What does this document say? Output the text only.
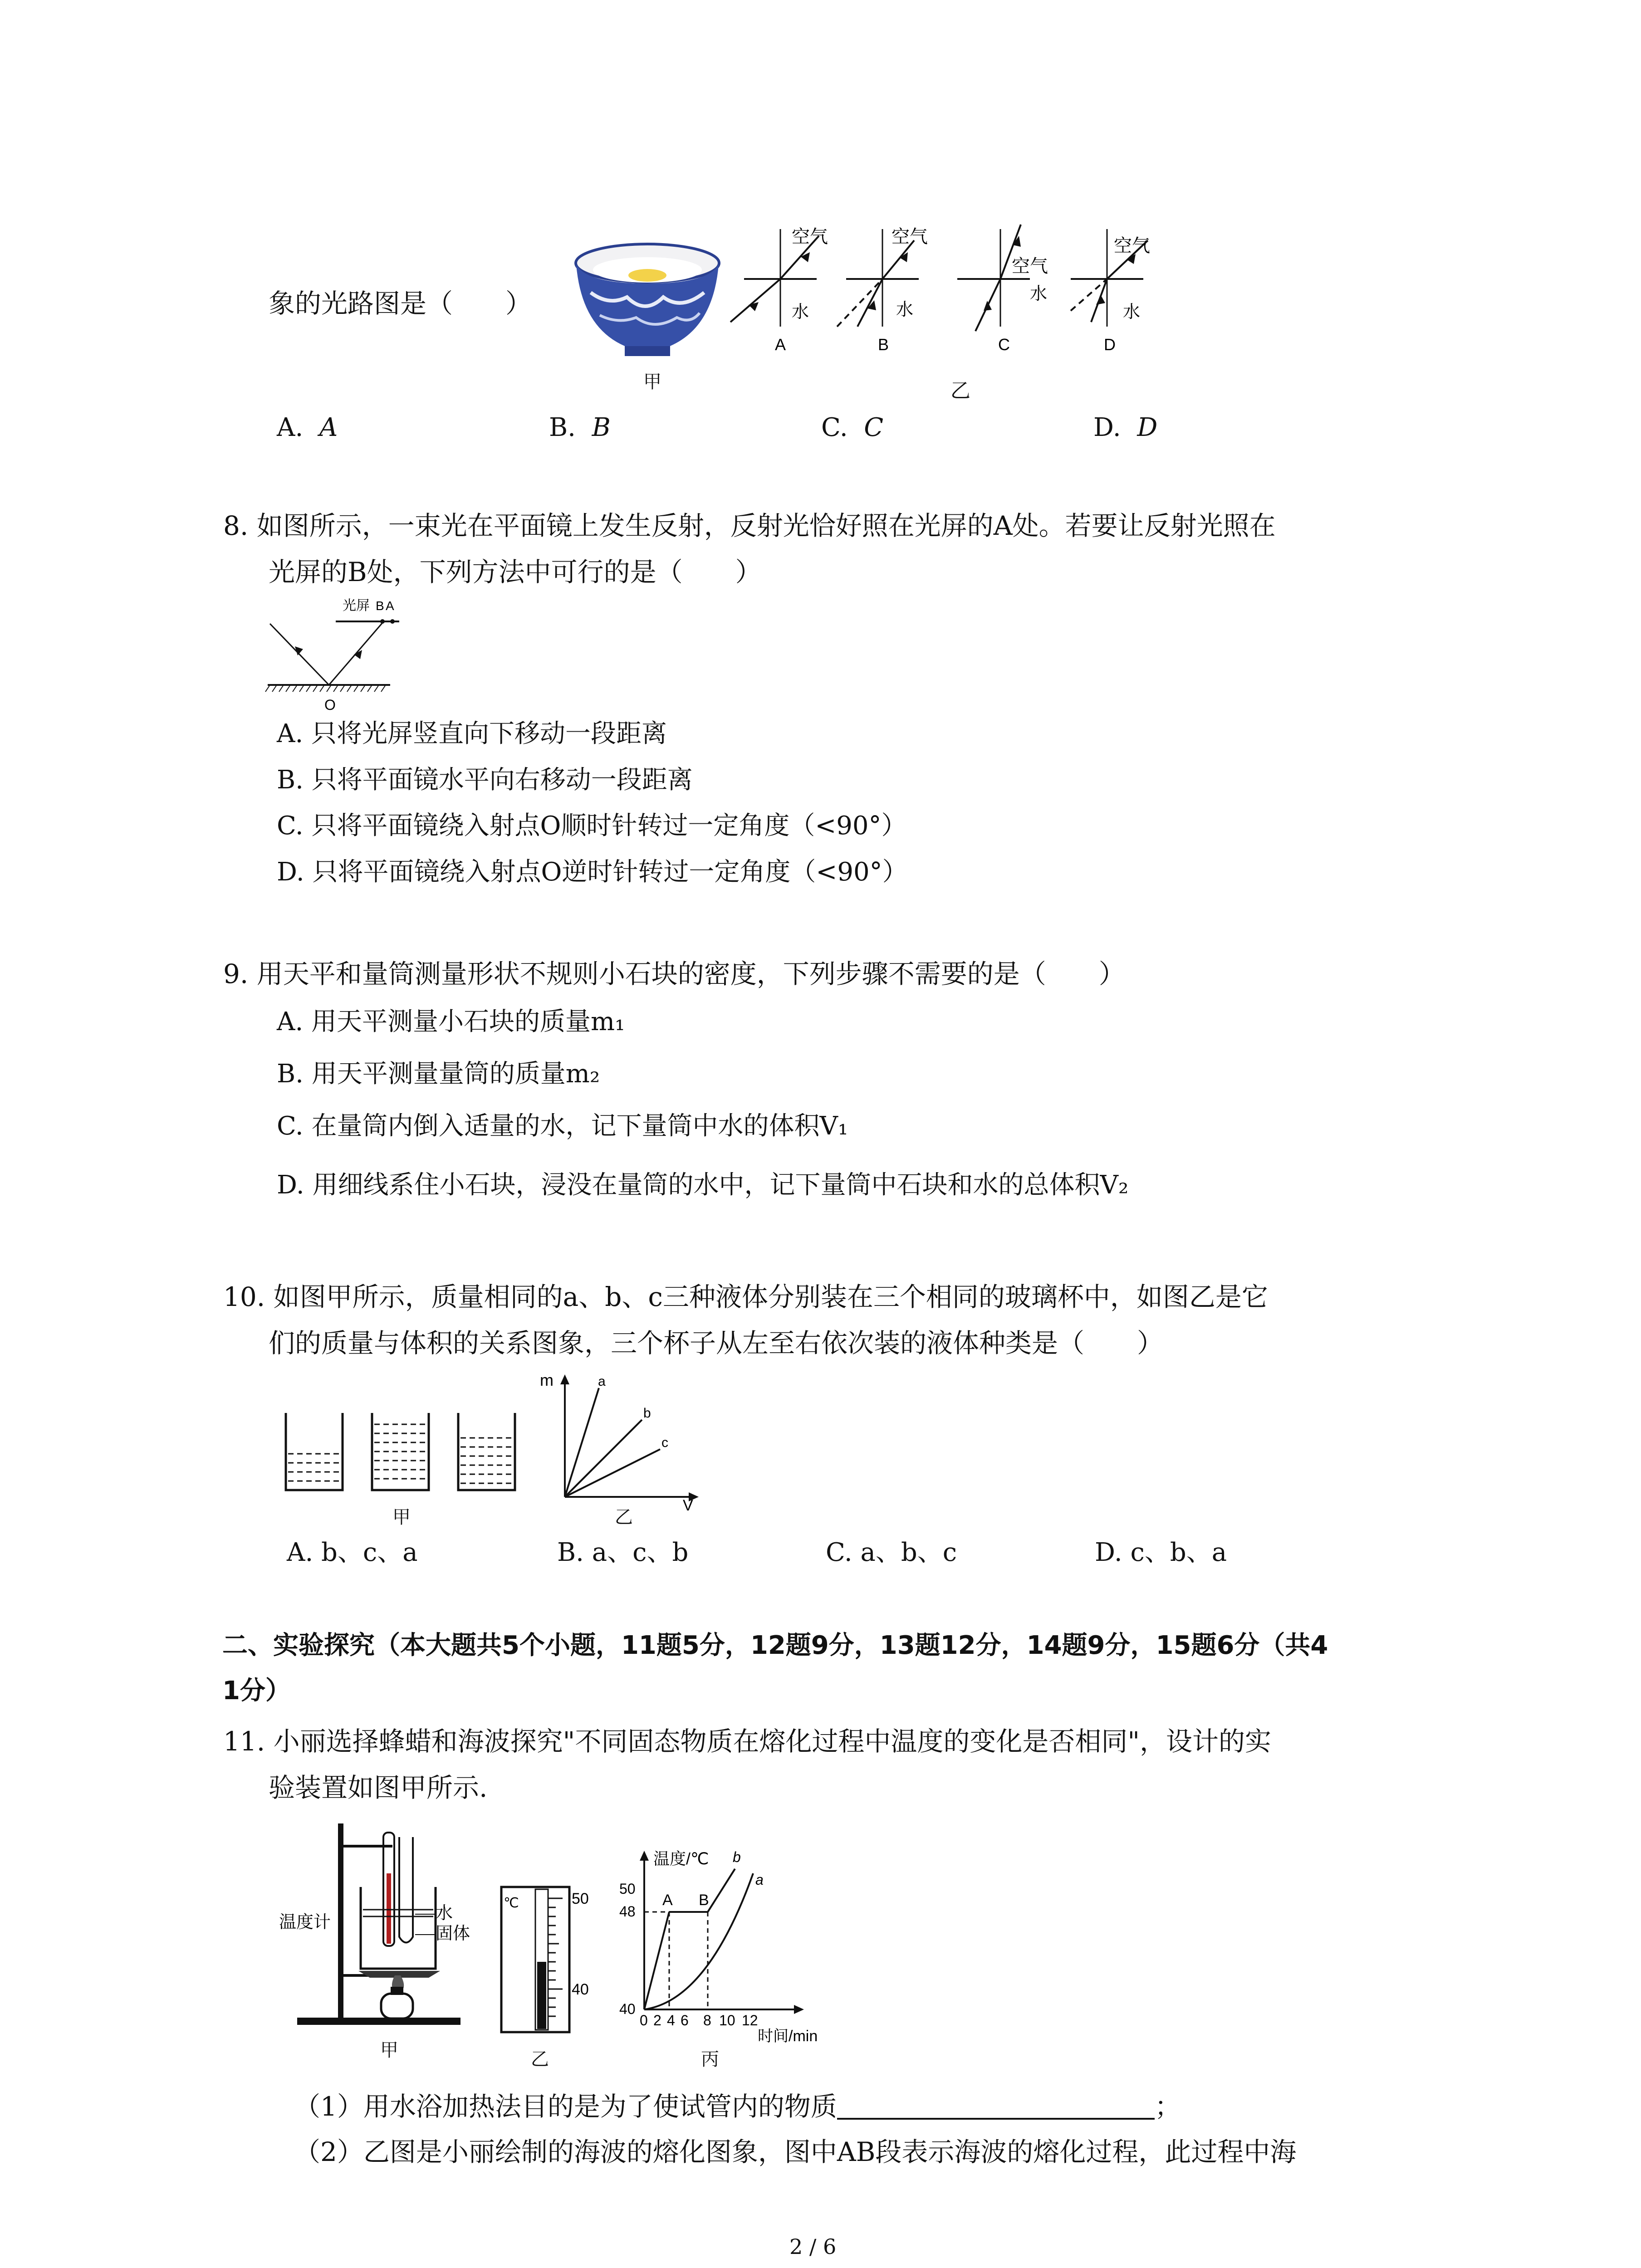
象的光路图是（　　）
甲
空气
水
A
空气
水
B
空气
水
C
空气
水
D
乙
A. A	B. B	C. C	D. D
8. 如图所示，一束光在平面镜上发生反射，反射光恰好照在光屏的A处。若要让反射光照在
光屏的B处，下列方法中可行的是（　　）
光屏 A
B
O
A. 只将光屏竖直向下移动一段距离
B. 只将平面镜水平向右移动一段距离
C. 只将平面镜绕入射点O顺时针转过一定角度（<90°）
D. 只将平面镜绕入射点O逆时针转过一定角度（<90°）
9. 用天平和量筒测量形状不规则小石块的密度，下列步骤不需要的是（　　）
A. 用天平测量小石块的质量m₁
B. 用天平测量量筒的质量m₂
C. 在量筒内倒入适量的水，记下量筒中水的体积V₁
D. 用细线系住小石块，浸没在量筒的水中，记下量筒中石块和水的总体积V₂
10. 如图甲所示，质量相同的a、b、c三种液体分别装在三个相同的玻璃杯中，如图乙是它
们的质量与体积的关系图象，三个杯子从左至右依次装的液体种类是（　　）
甲
m
V
a
b
c
乙
A. b、c、a	B. a、c、b	C. a、b、c	D. c、b、a
二、实验探究（本大题共5个小题，11题5分，12题9分，13题12分，14题9分，15题6分（共4
1分）
11. 小丽选择蜂蜡和海波探究"不同固态物质在熔化过程中温度的变化是否相同"，设计的实
验装置如图甲所示.
温度计	水
固体
甲
℃	50
40
乙
温度/℃
50
48
40
A B
a
b
0 2 4 6 8 10 12
时间/min
丙
（1）用水浴加热法目的是为了使试管内的物质	；
（2）乙图是小丽绘制的海波的熔化图象，图中AB段表示海波的熔化过程，此过程中海
2 / 6
